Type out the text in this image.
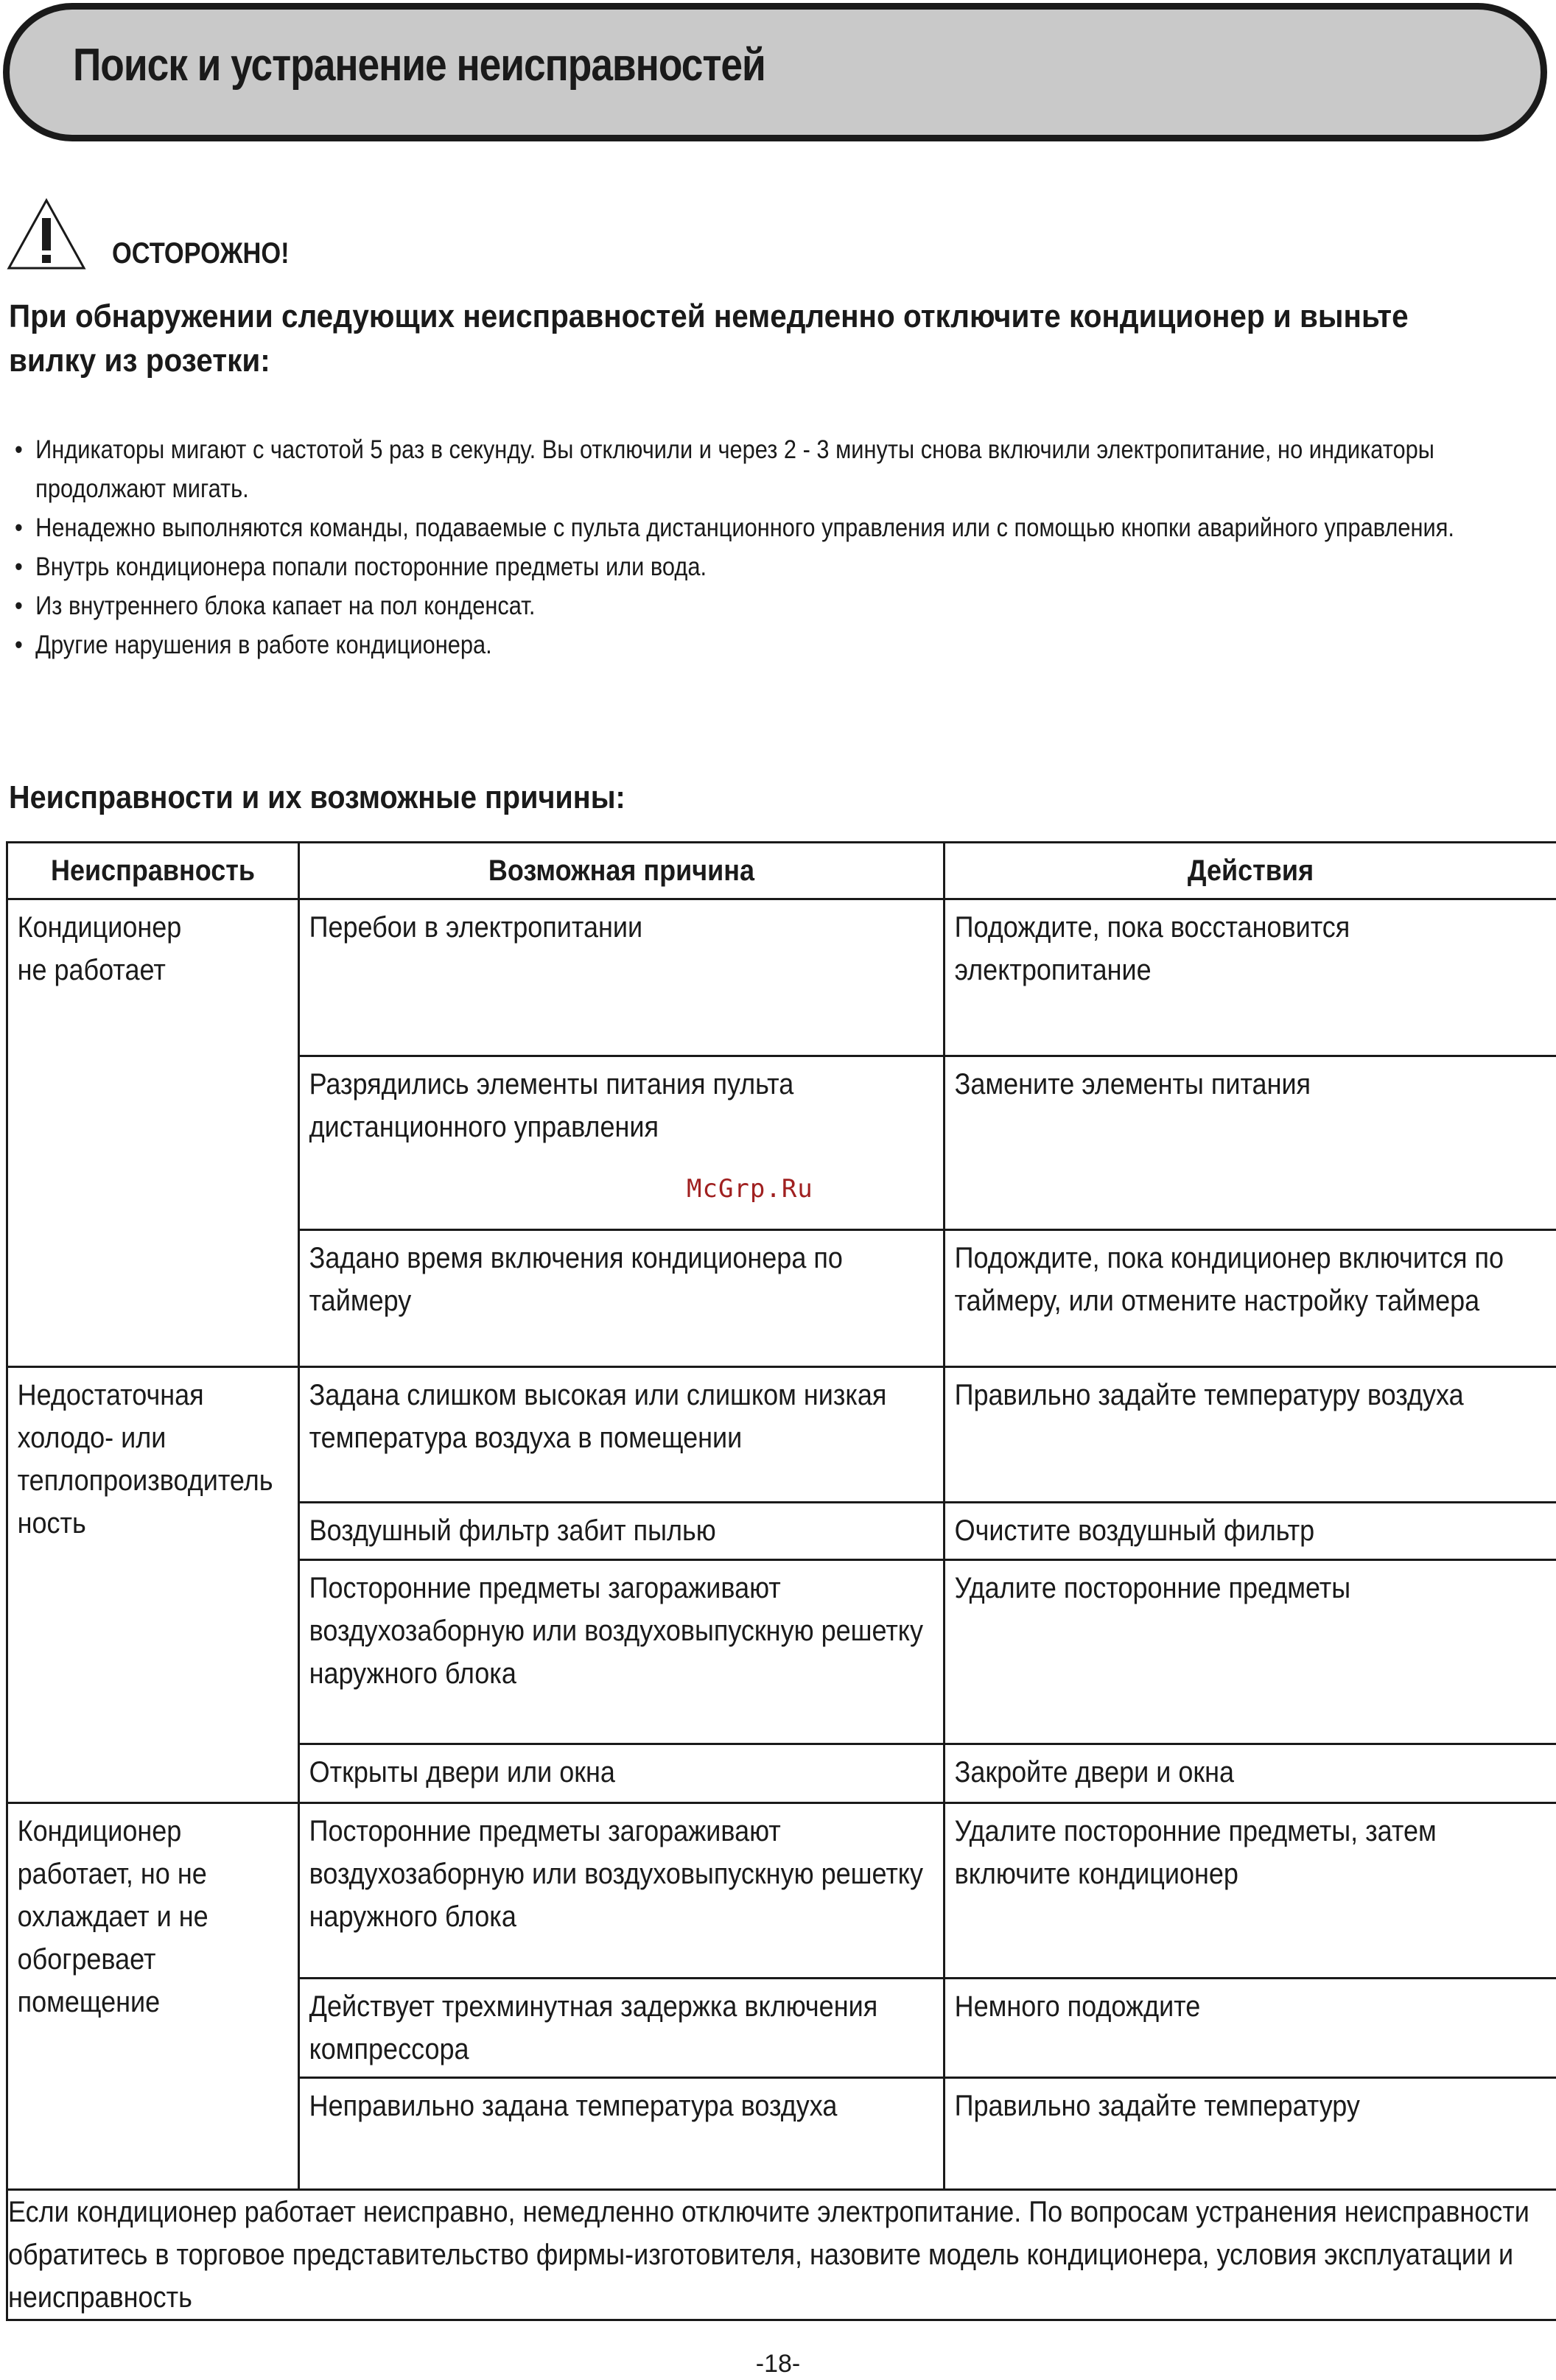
Поиск и устранение неисправностей
ОСТОРОЖНО!
При обнаружении следующих неисправностей немедленно отключите кондиционер и выньте вилку из розетки:
• Индикаторы мигают с частотой 5 раз в секунду. Вы отключили и через 2 - 3 минуты снова включили электропитание, но индикаторы продолжают мигать.
• Ненадежно выполняются команды, подаваемые с пульта дистанционного управления или с помощью кнопки аварийного управления.
• Внутрь кондиционера попали посторонние предметы или вода.
• Из внутреннего блока капает на пол конденсат.
• Другие нарушения в работе кондиционера.
Неисправности и их возможные причины:
Неисправность	Возможная причина	Действия

Кондиционер
не работает	Перебои в электропитании	Подождите, пока восстановится электропитание

	Разрядились элементы питания пульта дистанционного управления	Замените элементы питания

	Задано время включения кондиционера по таймеру	Подождите, пока кондиционер включится по таймеру, или отмените настройку таймера

Недостаточная
холодо- или
теплопроизводитель
ность	Задана слишком высокая или слишком низкая температура воздуха в помещении	Правильно задайте температуру воздуха

	Воздушный фильтр забит пылью	Очистите воздушный фильтр

	Посторонние предметы загораживают воздухозаборную или воздуховыпускную решетку наружного блока	Удалите посторонние предметы

	Открыты двери или окна	Закройте двери и окна

Кондиционер
работает, но не
охлаждает и не
обогревает
помещение	Посторонние предметы загораживают воздухозаборную или воздуховыпускную решетку наружного блока	Удалите посторонние предметы, затем включите кондиционер

	Действует трехминутная задержка включения компрессора	Немного подождите

	Неправильно задана температура воздуха	Правильно задайте температуру

Если кондиционер работает неисправно, немедленно отключите электропитание. По вопросам устранения неисправности обратитесь в торговое представительство фирмы-изготовителя, назовите модель кондиционера, условия эксплуатации и неисправность		
McGrp.Ru
-18-
